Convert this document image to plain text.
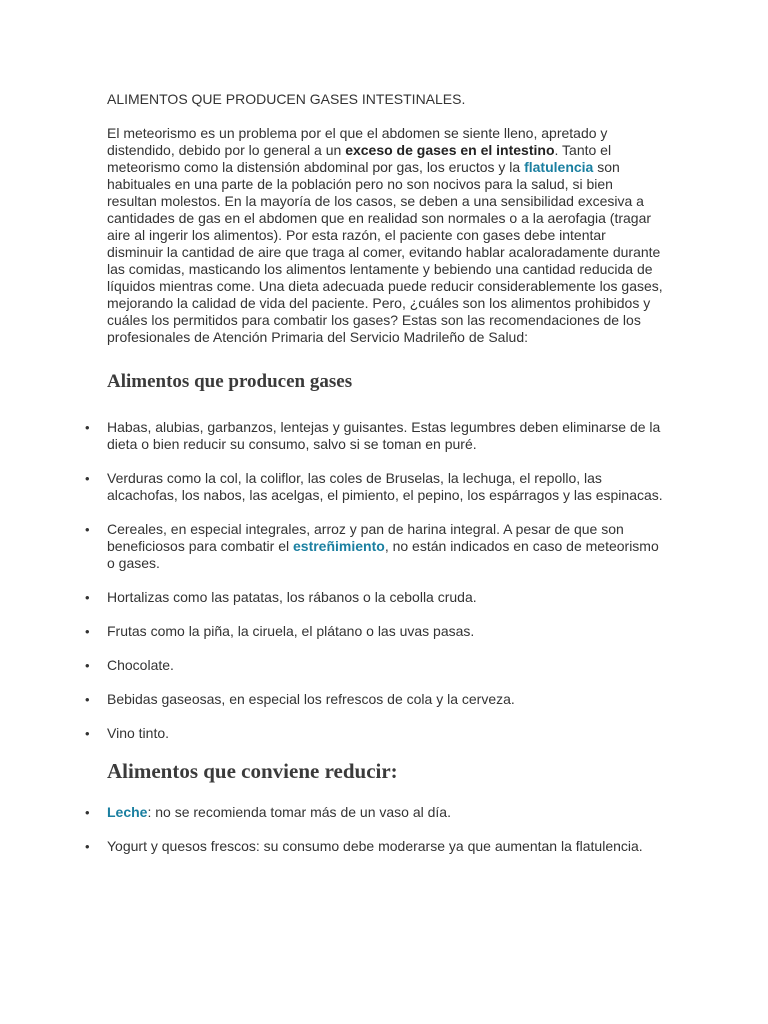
ALIMENTOS QUE PRODUCEN GASES INTESTINALES.

El meteorismo es un problema por el que el abdomen se siente lleno, apretado y distendido, debido por lo general a un exceso de gases en el intestino. Tanto el meteorismo como la distensión abdominal por gas, los eructos y la flatulencia son habituales en una parte de la población pero no son nocivos para la salud, si bien resultan molestos. En la mayoría de los casos, se deben a una sensibilidad excesiva a cantidades de gas en el abdomen que en realidad son normales o a la aerofagia (tragar aire al ingerir los alimentos). Por esta razón, el paciente con gases debe intentar disminuir la cantidad de aire que traga al comer, evitando hablar acaloradamente durante las comidas, masticando los alimentos lentamente y bebiendo una cantidad reducida de líquidos mientras come. Una dieta adecuada puede reducir considerablemente los gases, mejorando la calidad de vida del paciente. Pero, ¿cuáles son los alimentos prohibidos y cuáles los permitidos para combatir los gases? Estas son las recomendaciones de los profesionales de Atención Primaria del Servicio Madrileño de Salud:

Alimentos que producen gases
•	Habas, alubias, garbanzos, lentejas y guisantes. Estas legumbres deben eliminarse de la dieta o bien reducir su consumo, salvo si se toman en puré.
•	Verduras como la col, la coliflor, las coles de Bruselas, la lechuga, el repollo, las alcachofas, los nabos, las acelgas, el pimiento, el pepino, los espárragos y las espinacas.
•	Cereales, en especial integrales, arroz y pan de harina integral. A pesar de que son beneficiosos para combatir el estreñimiento, no están indicados en caso de meteorismo o gases.
•	Hortalizas como las patatas, los rábanos o la cebolla cruda.
•	Frutas como la piña, la ciruela, el plátano o las uvas pasas.
•	Chocolate.
•	Bebidas gaseosas, en especial los refrescos de cola y la cerveza.
•	Vino tinto.
Alimentos que conviene reducir:
•	Leche: no se recomienda tomar más de un vaso al día.
•	Yogurt y quesos frescos: su consumo debe moderarse ya que aumentan la flatulencia.
